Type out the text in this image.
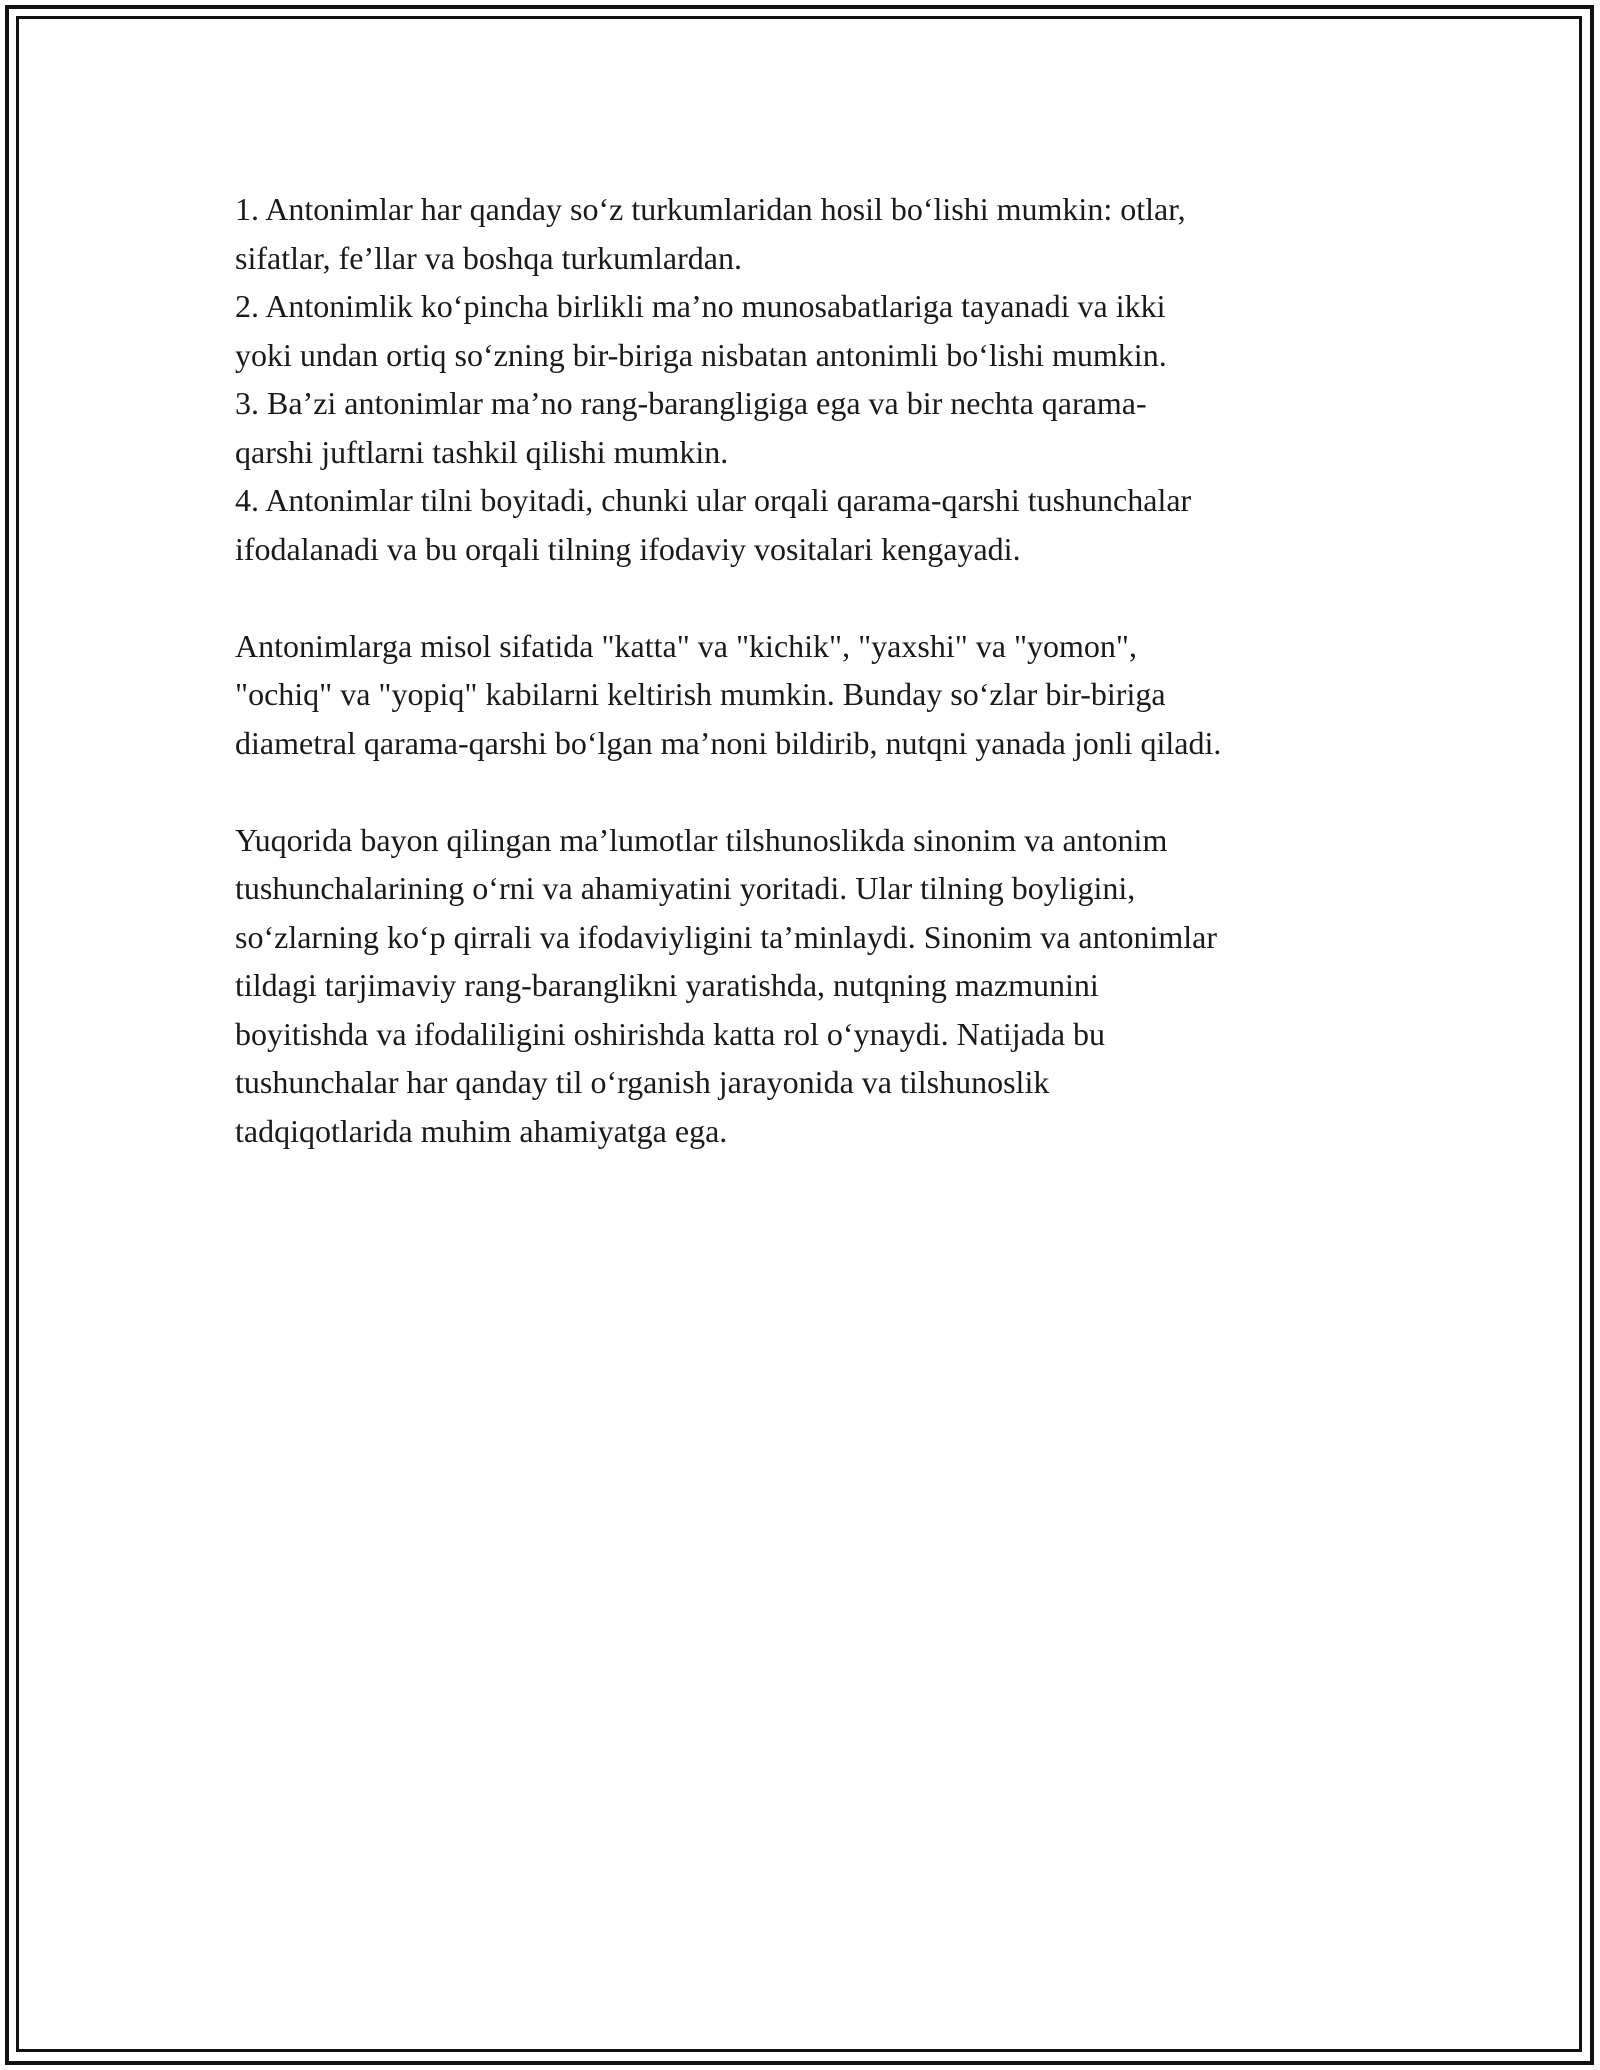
1. Antonimlar har qanday so‘z turkumlaridan hosil bo‘lishi mumkin: otlar,
sifatlar, fe’llar va boshqa turkumlardan.

2. Antonimlik ko‘pincha birlikli ma’no munosabatlariga tayanadi va ikki
yoki undan ortiq so‘zning bir-biriga nisbatan antonimli bo‘lishi mumkin.

3. Ba’zi antonimlar ma’no rang-barangligiga ega va bir nechta qarama-
qarshi juftlarni tashkil qilishi mumkin.

4. Antonimlar tilni boyitadi, chunki ular orqali qarama-qarshi tushunchalar
ifodalanadi va bu orqali tilning ifodaviy vositalari kengayadi.

Antonimlarga misol sifatida "katta" va "kichik", "yaxshi" va "yomon",
"ochiq" va "yopiq" kabilarni keltirish mumkin. Bunday so‘zlar bir-biriga
diametral qarama-qarshi bo‘lgan ma’noni bildirib, nutqni yanada jonli qiladi.

Yuqorida bayon qilingan ma’lumotlar tilshunoslikda sinonim va antonim
tushunchalarining o‘rni va ahamiyatini yoritadi. Ular tilning boyligini,
so‘zlarning ko‘p qirrali va ifodaviyligini ta’minlaydi. Sinonim va antonimlar
tildagi tarjimaviy rang-baranglikni yaratishda, nutqning mazmunini
boyitishda va ifodaliligini oshirishda katta rol o‘ynaydi. Natijada bu
tushunchalar har qanday til o‘rganish jarayonida va tilshunoslik
tadqiqotlarida muhim ahamiyatga ega.
